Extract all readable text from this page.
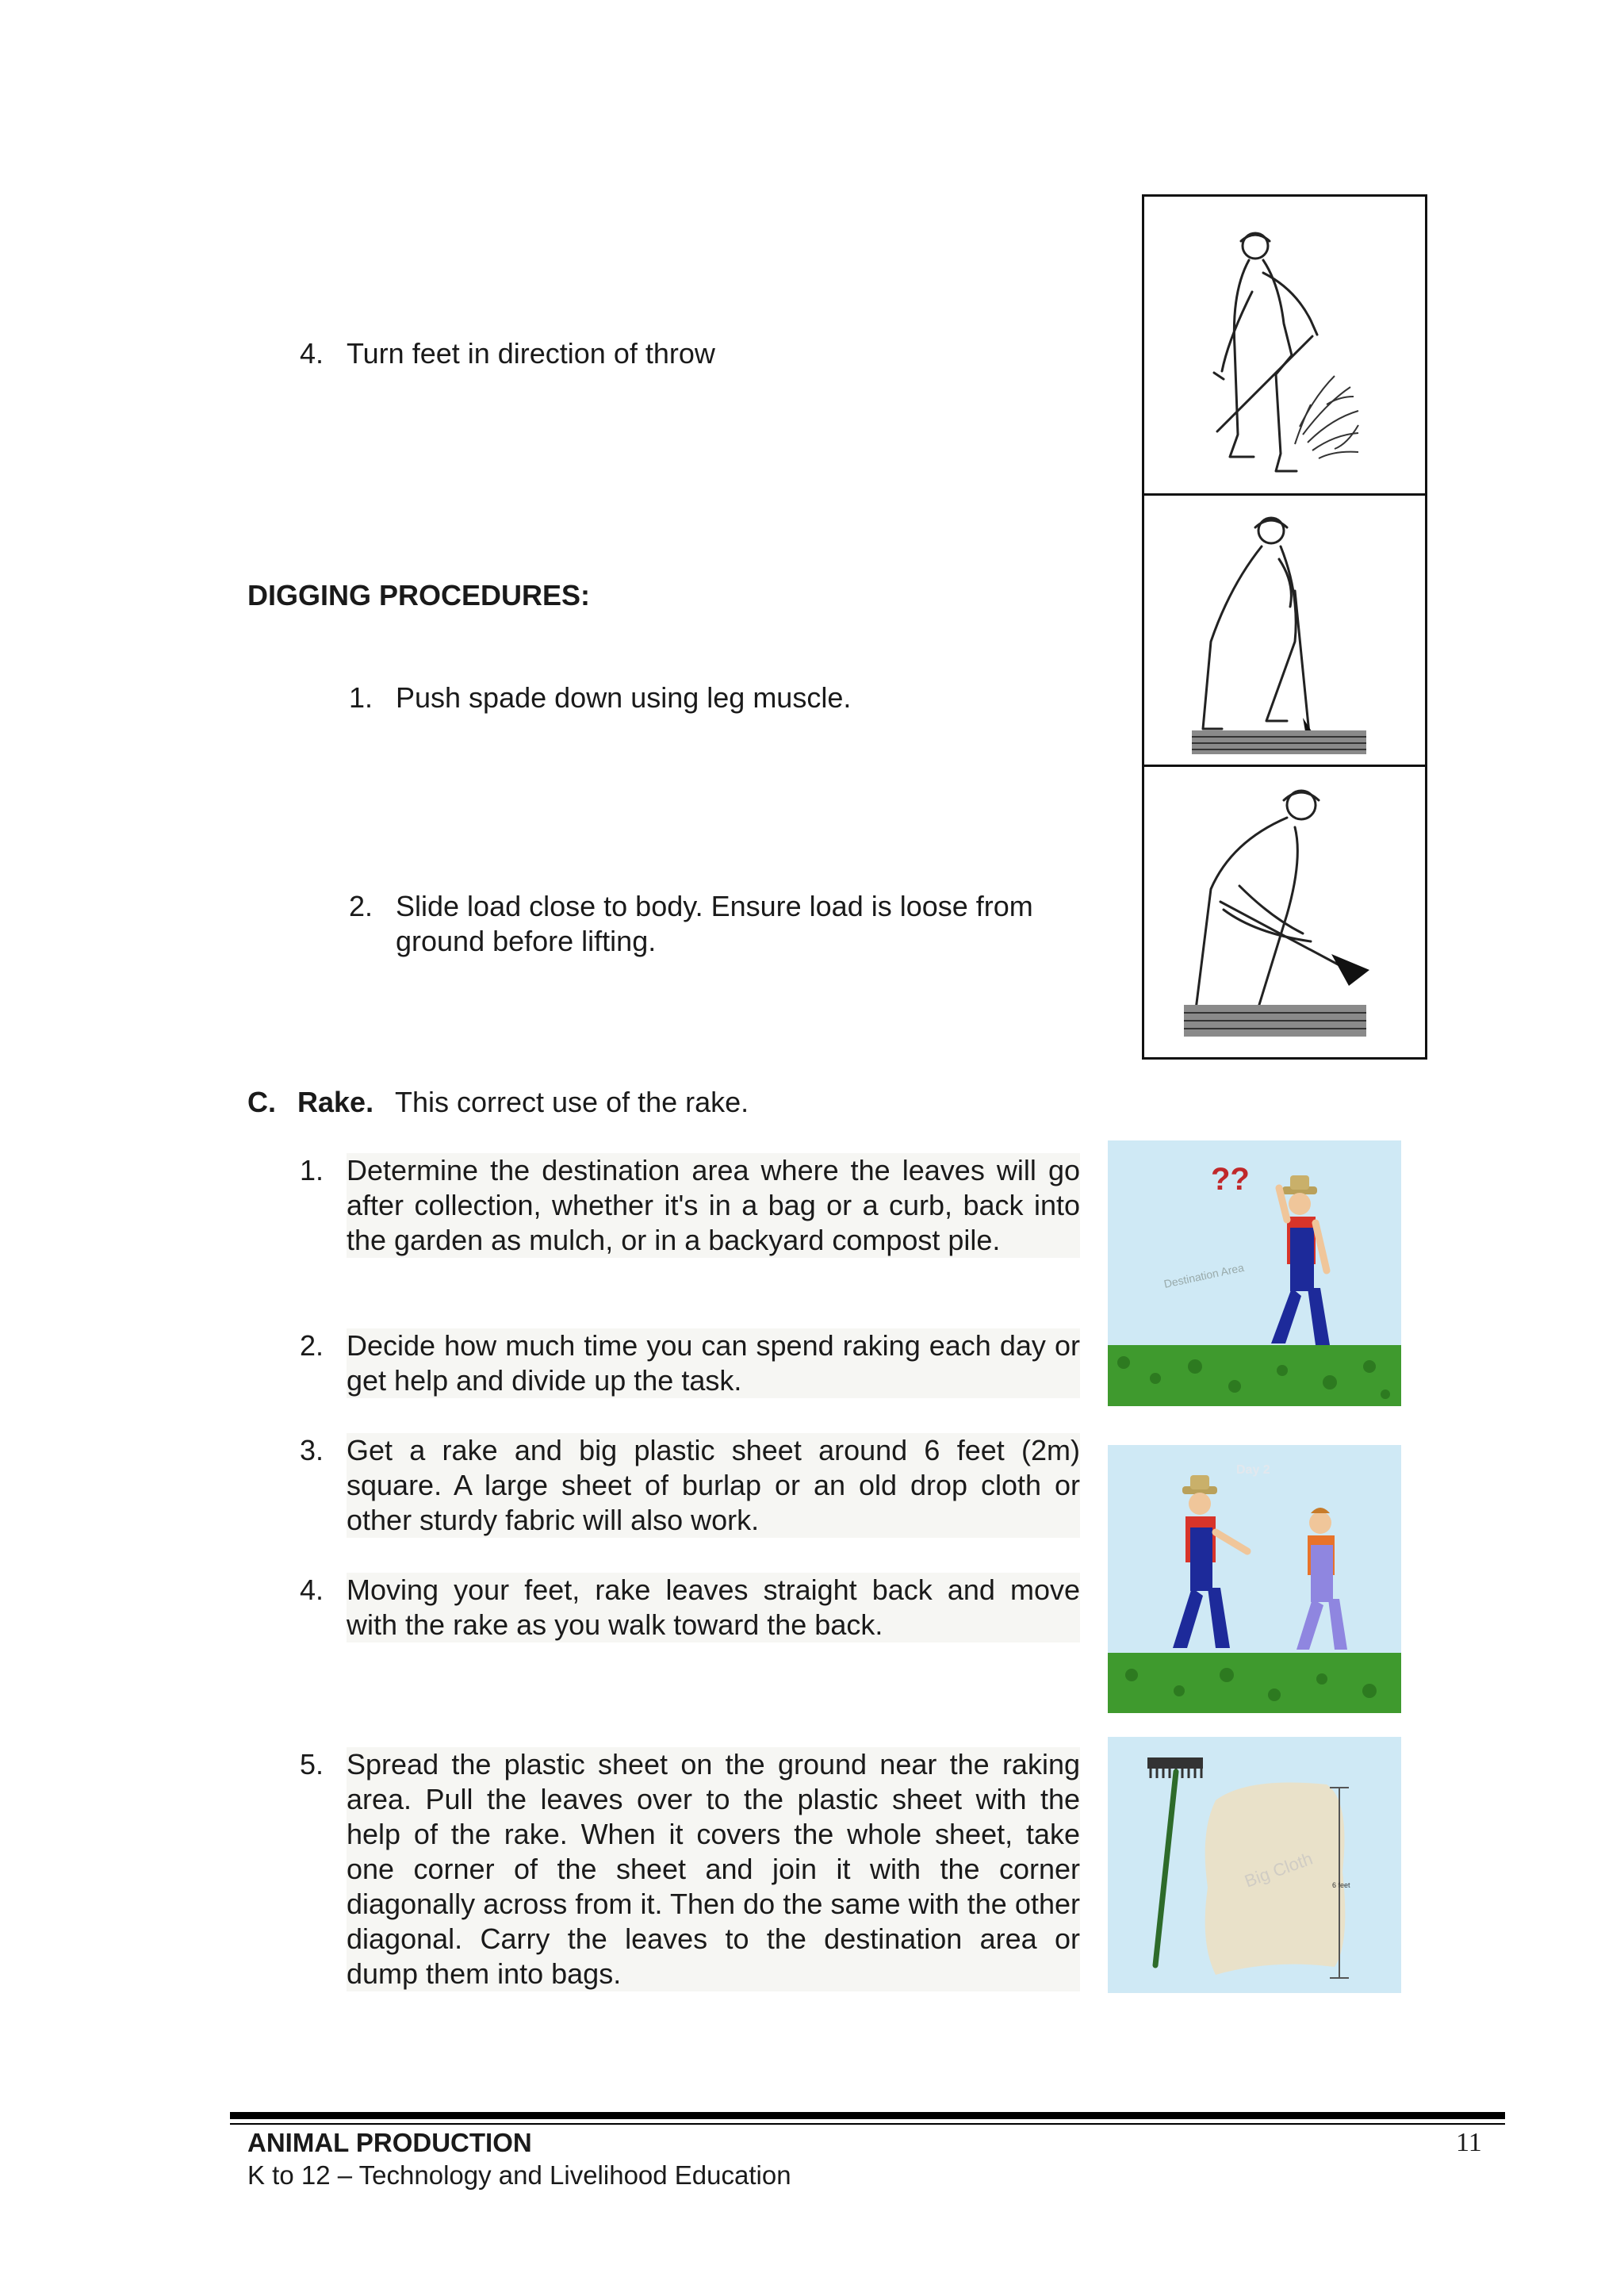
4. Turn feet in direction of throw
DIGGING PROCEDURES:
1. Push spade down using leg muscle.
2. Slide load close to body. Ensure load is loose from
ground before lifting.
C. Rake. This correct use of the rake.
1. Determine the destination area where the leaves will go after collection, whether it's in a bag or a curb, back into the garden as mulch, or in a backyard compost pile.
2. Decide how much time you can spend raking each day or get help and divide up the task.
3. Get a rake and big plastic sheet around 6 feet (2m) square. A large sheet of burlap or an old drop cloth or other sturdy fabric will also work.
4. Moving your feet, rake leaves straight back and move with the rake as you walk toward the back.
5. Spread the plastic sheet on the ground near the raking area. Pull the leaves over to the plastic sheet with the help of the rake. When it covers the whole sheet, take one corner of the sheet and join it with the corner diagonally across from it. Then do the same with the other diagonal. Carry the leaves to the destination area or dump them into bags.
??
Destination Area
Day 2
Big Cloth 6 feet
ANIMAL PRODUCTION
K to 12 – Technology and Livelihood Education
11
